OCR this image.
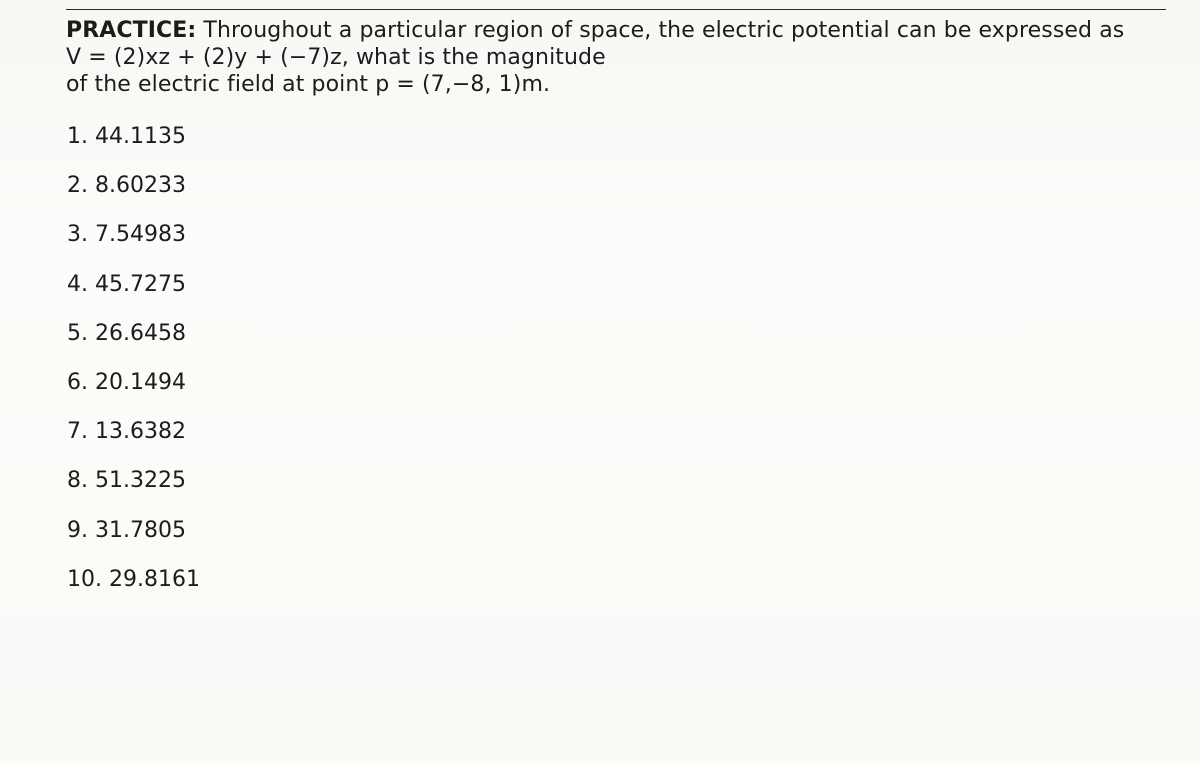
PRACTICE: Throughout a particular region of space, the electric potential can be expressed as
V = (2)xz + (2)y + (−7)z, what is the magnitude
of the electric field at point p = (7,−8, 1)m.
1. 44.1135
2. 8.60233
3. 7.54983
4. 45.7275
5. 26.6458
6. 20.1494
7. 13.6382
8. 51.3225
9. 31.7805
10. 29.8161
